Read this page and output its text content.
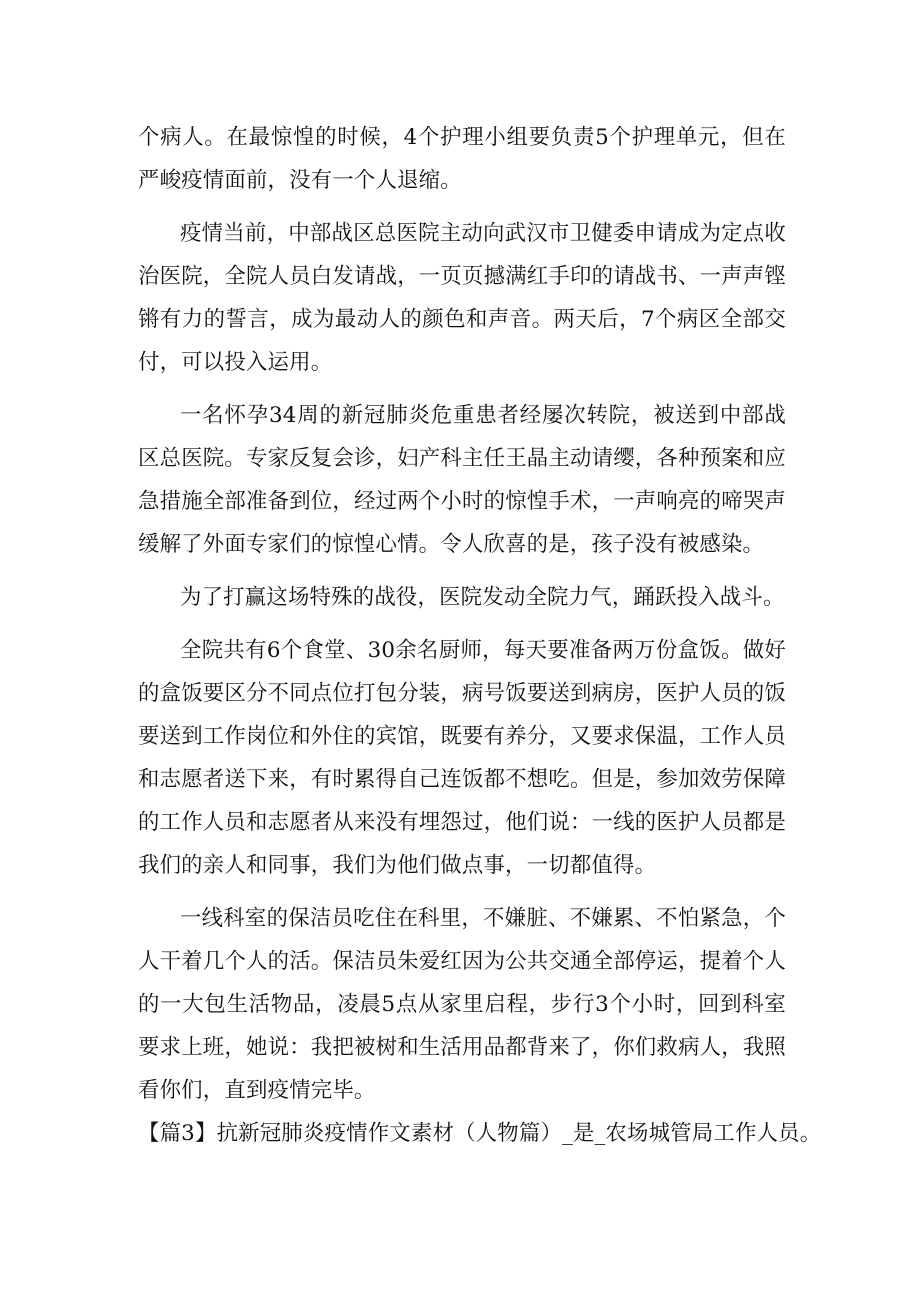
个病人。在最惊惶的时候，4个护理小组要负责5个护理单元，但在严峻疫情面前，没有一个人退缩。

疫情当前，中部战区总医院主动向武汉市卫健委申请成为定点收治医院，全院人员白发请战，一页页撼满红手印的请战书、一声声铿锵有力的誓言，成为最动人的颜色和声音。两天后，7个病区全部交付，可以投入运用。

一名怀孕34周的新冠肺炎危重患者经屡次转院，被送到中部战区总医院。专家反复会诊，妇产科主任王晶主动请缨，各种预案和应急措施全部准备到位，经过两个小时的惊惶手术，一声响亮的啼哭声缓解了外面专家们的惊惶心情。令人欣喜的是，孩子没有被感染。

为了打赢这场特殊的战役，医院发动全院力气，踊跃投入战斗。

全院共有6个食堂、30余名厨师，每天要准备两万份盒饭。做好的盒饭要区分不同点位打包分装，病号饭要送到病房，医护人员的饭要送到工作岗位和外住的宾馆，既要有养分，又要求保温，工作人员和志愿者送下来，有时累得自己连饭都不想吃。但是，参加效劳保障的工作人员和志愿者从来没有埋怨过，他们说：一线的医护人员都是我们的亲人和同事，我们为他们做点事，一切都值得。

一线科室的保洁员吃住在科里，不嫌脏、不嫌累、不怕紧急，个人干着几个人的活。保洁员朱爱红因为公共交通全部停运，提着个人的一大包生活物品，凌晨5点从家里启程，步行3个小时，回到科室要求上班，她说：我把被树和生活用品都背来了，你们救病人，我照看你们，直到疫情完毕。

【篇3】抗新冠肺炎疫情作文素材（人物篇）_是_农场城管局工作人员。
